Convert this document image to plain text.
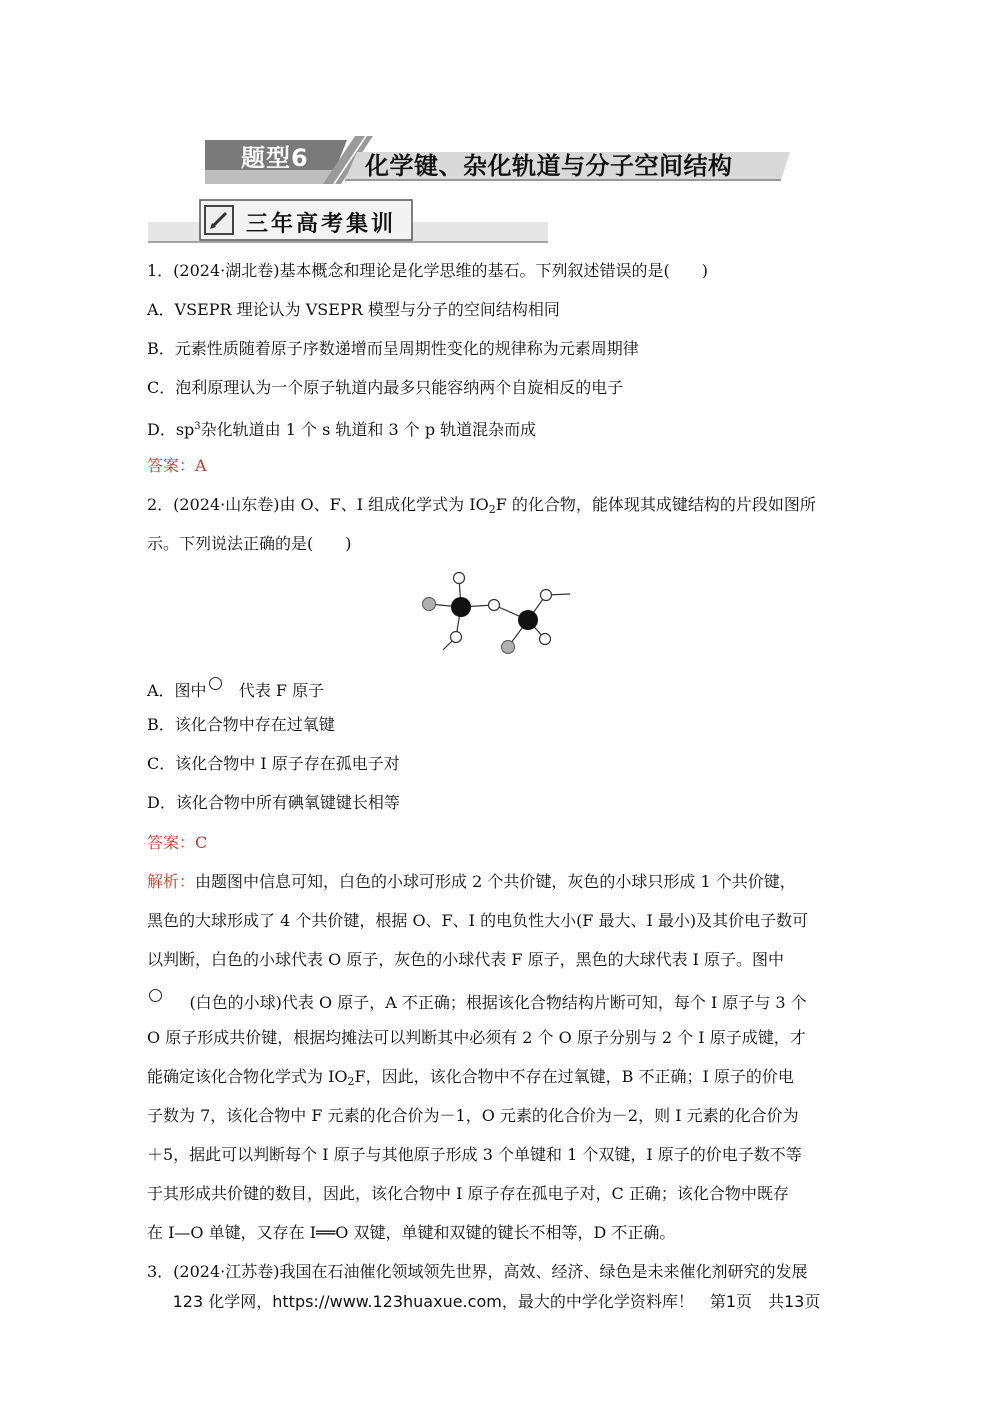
题型6 化学键、杂化轨道与分子空间结构
三年高考集训
1．(2024·湖北卷)基本概念和理论是化学思维的基石。下列叙述错误的是(　　)
A．VSEPR 理论认为 VSEPR 模型与分子的空间结构相同
B．元素性质随着原子序数递增而呈周期性变化的规律称为元素周期律
C．泡利原理认为一个原子轨道内最多只能容纳两个自旋相反的电子
D．$sp^3$杂化轨道由 1 个 s 轨道和 3 个 p 轨道混杂而成
答案：A
2．(2024·山东卷)由 O、F、I 组成化学式为 $IO_2F$ 的化合物，能体现其成键结构的片段如图所
示。下列说法正确的是(　　)
A．图中 代表 F 原子
B．该化合物中存在过氧键
C．该化合物中 I 原子存在孤电子对
D．该化合物中所有碘氧键键长相等
答案：C
解析：由题图中信息可知，白色的小球可形成 2 个共价键，灰色的小球只形成 1 个共价键，
黑色的大球形成了 4 个共价键，根据 O、F、I 的电负性大小(F 最大、I 最小)及其价电子数可
以判断，白色的小球代表 O 原子，灰色的小球代表 F 原子，黑色的大球代表 I 原子。图中
(白色的小球)代表 O 原子，A 不正确；根据该化合物结构片断可知，每个 I 原子与 3 个
O 原子形成共价键，根据均摊法可以判断其中必须有 2 个 O 原子分别与 2 个 I 原子成键，才
能确定该化合物化学式为 $IO_2F$，因此，该化合物中不存在过氧键，B 不正确；I 原子的价电
子数为 7，该化合物中 F 元素的化合价为－1，O 元素的化合价为－2，则 I 元素的化合价为
＋5，据此可以判断每个 I 原子与其他原子形成 3 个单键和 1 个双键，I 原子的价电子数不等
于其形成共价键的数目，因此，该化合物中 I 原子存在孤电子对，C 正确；该化合物中既存
在 I—O 单键，又存在 I══O 双键，单键和双键的键长不相等，D 不正确。
3．(2024·江苏卷)我国在石油催化领域领先世界，高效、经济、绿色是未来催化剂研究的发展
123 化学网，https://www.123huaxue.com，最大的中学化学资料库！　第1页　共13页
